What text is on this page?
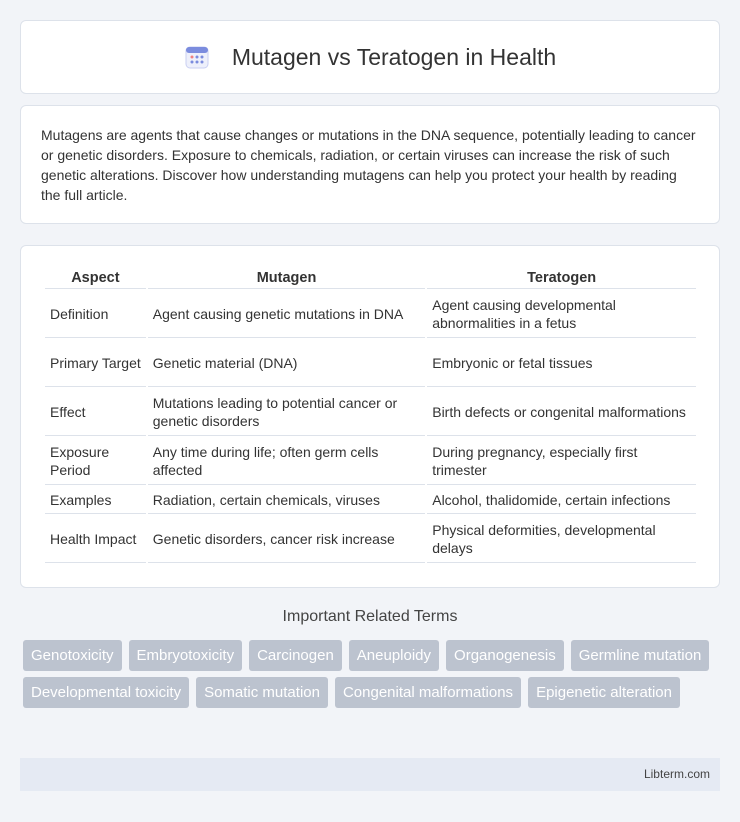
Mutagen vs Teratogen in Health

Mutagens are agents that cause changes or mutations in the DNA sequence, potentially leading to cancer or genetic disorders. Exposure to chemicals, radiation, or certain viruses can increase the risk of such genetic alterations. Discover how understanding mutagens can help you protect your health by reading the full article.

Aspect	Mutagen	Teratogen
Definition	Agent causing genetic mutations in DNA	Agent causing developmental abnormalities in a fetus
Primary Target	Genetic material (DNA)	Embryonic or fetal tissues
Effect	Mutations leading to potential cancer or genetic disorders	Birth defects or congenital malformations
Exposure Period	Any time during life; often germ cells affected	During pregnancy, especially first trimester
Examples	Radiation, certain chemicals, viruses	Alcohol, thalidomide, certain infections
Health Impact	Genetic disorders, cancer risk increase	Physical deformities, developmental delays
Important Related Terms
Genotoxicity	Embryotoxicity	Carcinogen	Aneuploidy	Organogenesis	Germline mutation
Developmental toxicity	Somatic mutation	Congenital malformations	Epigenetic alteration
Libterm.com
